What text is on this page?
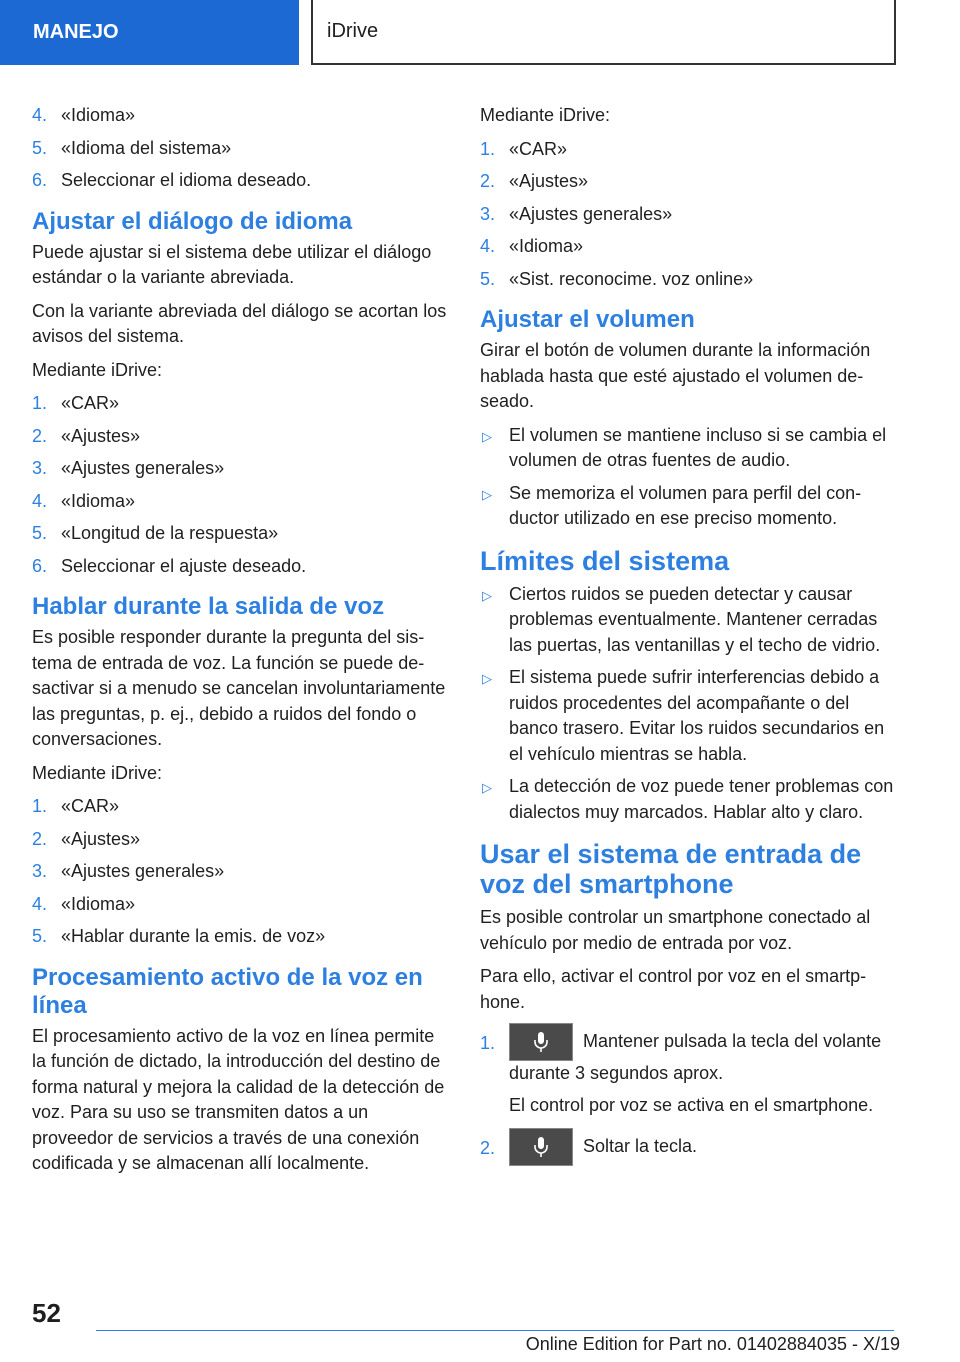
MANEJO	iDrive
4. «Idioma»
5. «Idioma del sistema»
6. Seleccionar el idioma deseado.
Ajustar el diálogo de idioma

Puede ajustar si el sistema debe utilizar el diálogo estándar o la variante abreviada.

Con la variante abreviada del diálogo se acortan los avisos del sistema.

Mediante iDrive:

1. «CAR»
2. «Ajustes»
3. «Ajustes generales»
4. «Idioma»
5. «Longitud de la respuesta»
6. Seleccionar el ajuste deseado.
Hablar durante la salida de voz

Es posible responder durante la pregunta del sistema de entrada de voz. La función se puede desactivar si a menudo se cancelan involuntariamente las preguntas, p. ej., debido a ruidos del fondo o conversaciones.

Mediante iDrive:

1. «CAR»
2. «Ajustes»
3. «Ajustes generales»
4. «Idioma»
5. «Hablar durante la emis. de voz»
Procesamiento activo de la voz en línea

El procesamiento activo de la voz en línea permite la función de dictado, la introducción del destino de forma natural y mejora la calidad de la detección de voz. Para su uso se transmiten datos a un proveedor de servicios a través de una conexión codificada y se almacenan allí localmente.

Mediante iDrive:

1. «CAR»
2. «Ajustes»
3. «Ajustes generales»
4. «Idioma»
5. «Sist. reconocime. voz online»
Ajustar el volumen

Girar el botón de volumen durante la información hablada hasta que esté ajustado el volumen deseado.

▷ El volumen se mantiene incluso si se cambia el volumen de otras fuentes de audio.
▷ Se memoriza el volumen para perfil del conductor utilizado en ese preciso momento.
Límites del sistema
▷ Ciertos ruidos se pueden detectar y causar problemas eventualmente. Mantener cerradas las puertas, las ventanillas y el techo de vidrio.
▷ El sistema puede sufrir interferencias debido a ruidos procedentes del acompañante o del banco trasero. Evitar los ruidos secundarios en el vehículo mientras se habla.
▷ La detección de voz puede tener problemas con dialectos muy marcados. Hablar alto y claro.
Usar el sistema de entrada de voz del smartphone

Es posible controlar un smartphone conectado al vehículo por medio de entrada por voz.

Para ello, activar el control por voz en el smartphone.

1.	Mantener pulsada la tecla del volante durante 3 segundos aprox.

El control por voz se activa en el smartphone.

2.	Soltar la tecla.
52
Online Edition for Part no. 01402884035 - X/19
